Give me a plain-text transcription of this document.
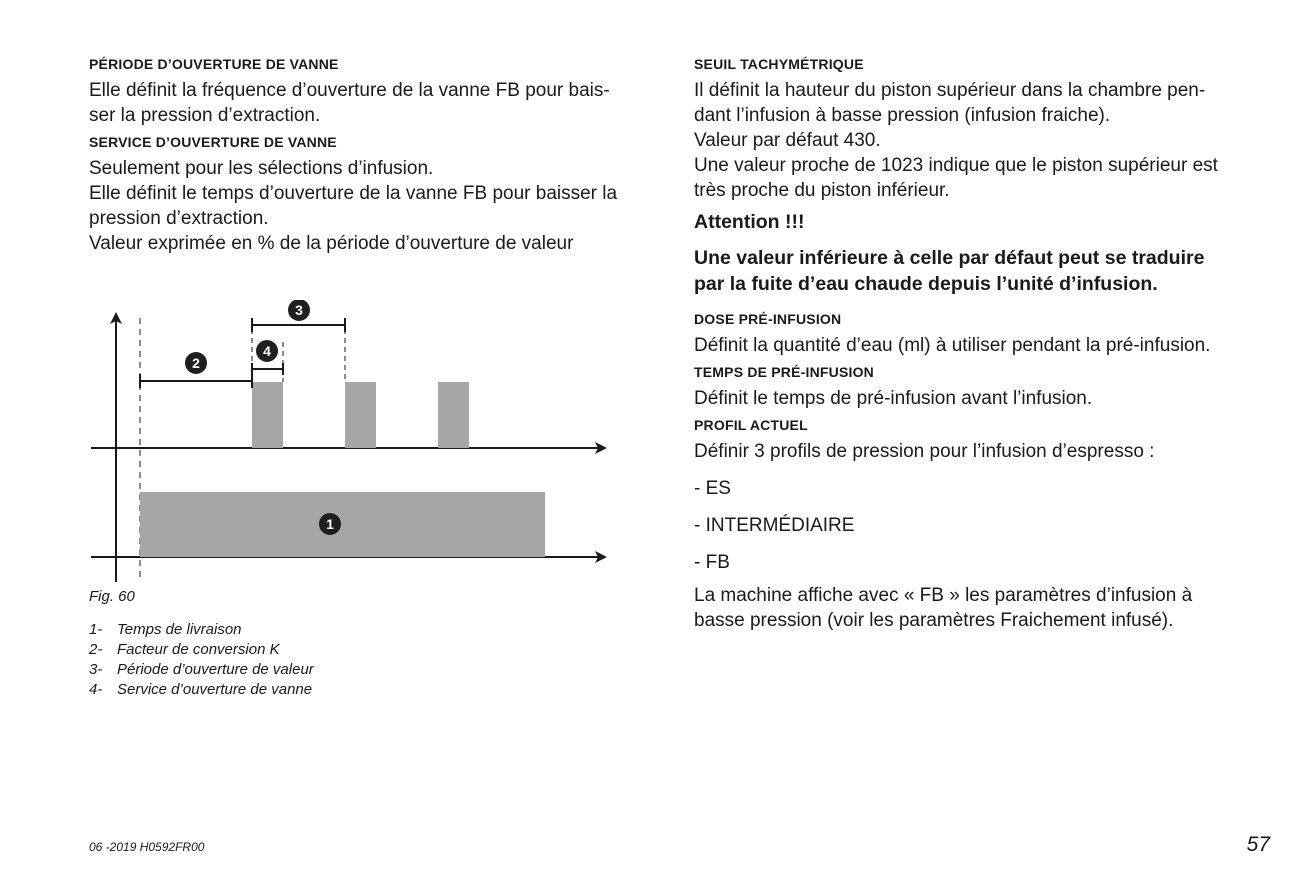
PÉRIODE D’OUVERTURE DE VANNE
Elle définit la fréquence d’ouverture de la vanne FB pour bais-
ser la pression d’extraction.
SERVICE D’OUVERTURE DE VANNE
Seulement pour les sélections d’infusion.
Elle définit le temps d’ouverture de la vanne FB pour baisser la
pression d’extraction.
Valeur exprimée en % de la période d’ouverture de valeur
1
2
3
4
Fig. 60
1- Temps de livraison
2- Facteur de conversion K
3- Période d’ouverture de valeur
4- Service d’ouverture de vanne
SEUIL TACHYMÉTRIQUE
Il définit la hauteur du piston supérieur dans la chambre pen-
dant l’infusion à basse pression (infusion fraiche).
Valeur par défaut 430.
Une valeur proche de 1023 indique que le piston supérieur est
très proche du piston inférieur.
Attention !!!
Une valeur inférieure à celle par défaut peut se traduire
par la fuite d’eau chaude depuis l’unité d’infusion.
DOSE PRÉ-INFUSION
Définit la quantité d’eau (ml) à utiliser pendant la pré-infusion.
TEMPS DE PRÉ-INFUSION
Définit le temps de pré-infusion avant l’infusion.
PROFIL ACTUEL
Définir 3 profils de pression pour l’infusion d’espresso :
- ES
- INTERMÉDIAIRE
- FB
La machine affiche avec « FB » les paramètres d’infusion à
basse pression (voir les paramètres Fraichement infusé).
06 -2019 H0592FR00	57
